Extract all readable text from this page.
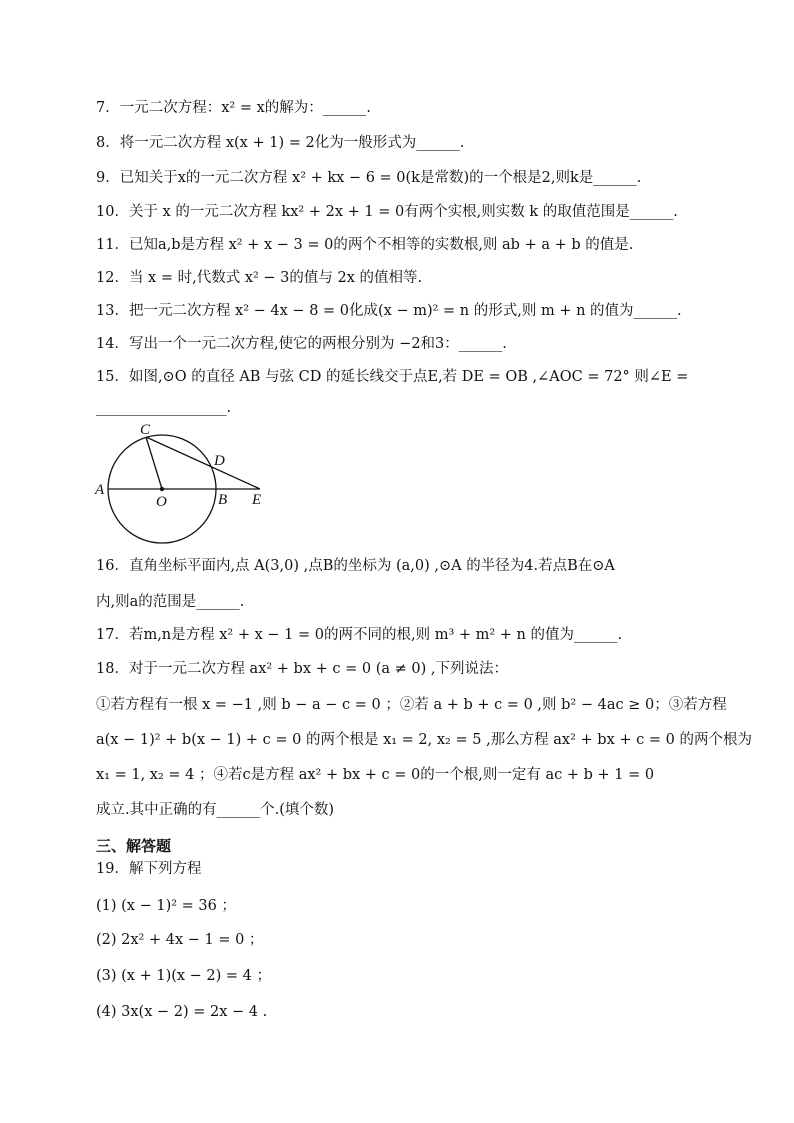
7．一元二次方程：x² = x的解为：______.
8．将一元二次方程 x(x + 1) = 2化为一般形式为______.
9．已知关于x的一元二次方程 x² + kx − 6 = 0(k是常数)的一个根是2,则k是______.
10．关于 x 的一元二次方程 kx² + 2x + 1 = 0有两个实根,则实数 k 的取值范围是______.
11．已知a,b是方程 x² + x − 3 = 0的两个不相等的实数根,则 ab + a + b 的值是.
12．当 x = 时,代数式 x² − 3的值与 2x 的值相等.
13．把一元二次方程 x² − 4x − 8 = 0化成(x − m)² = n 的形式,则 m + n 的值为______.
14．写出一个一元二次方程,使它的两根分别为 −2和3：______.
15．如图,⊙O 的直径 AB 与弦 CD 的延长线交于点E,若 DE = OB ,∠AOC = 72° 则∠E =
__________________.
C
D
A
O	B E
16．直角坐标平面内,点 A(3,0) ,点B的坐标为 (a,0) ,⊙A 的半径为4.若点B在⊙A
内,则a的范围是______.
17．若m,n是方程 x² + x − 1 = 0的两不同的根,则 m³ + m² + n 的值为______.
18．对于一元二次方程 ax² + bx + c = 0 (a ≠ 0) ,下列说法：
①若方程有一根 x = −1 ,则 b − a − c = 0 ；②若 a + b + c = 0 ,则 b² − 4ac ≥ 0；③若方程
a(x − 1)² + b(x − 1) + c = 0 的两个根是 x₁ = 2, x₂ = 5 ,那么方程 ax² + bx + c = 0 的两个根为
x₁ = 1, x₂ = 4 ；④若c是方程 ax² + bx + c = 0的一个根,则一定有 ac + b + 1 = 0
成立.其中正确的有______个.(填个数)
三、解答题
19．解下列方程
(1) (x − 1)² = 36 ；
(2) 2x² + 4x − 1 = 0 ；
(3) (x + 1)(x − 2) = 4 ；
(4) 3x(x − 2) = 2x − 4 .
